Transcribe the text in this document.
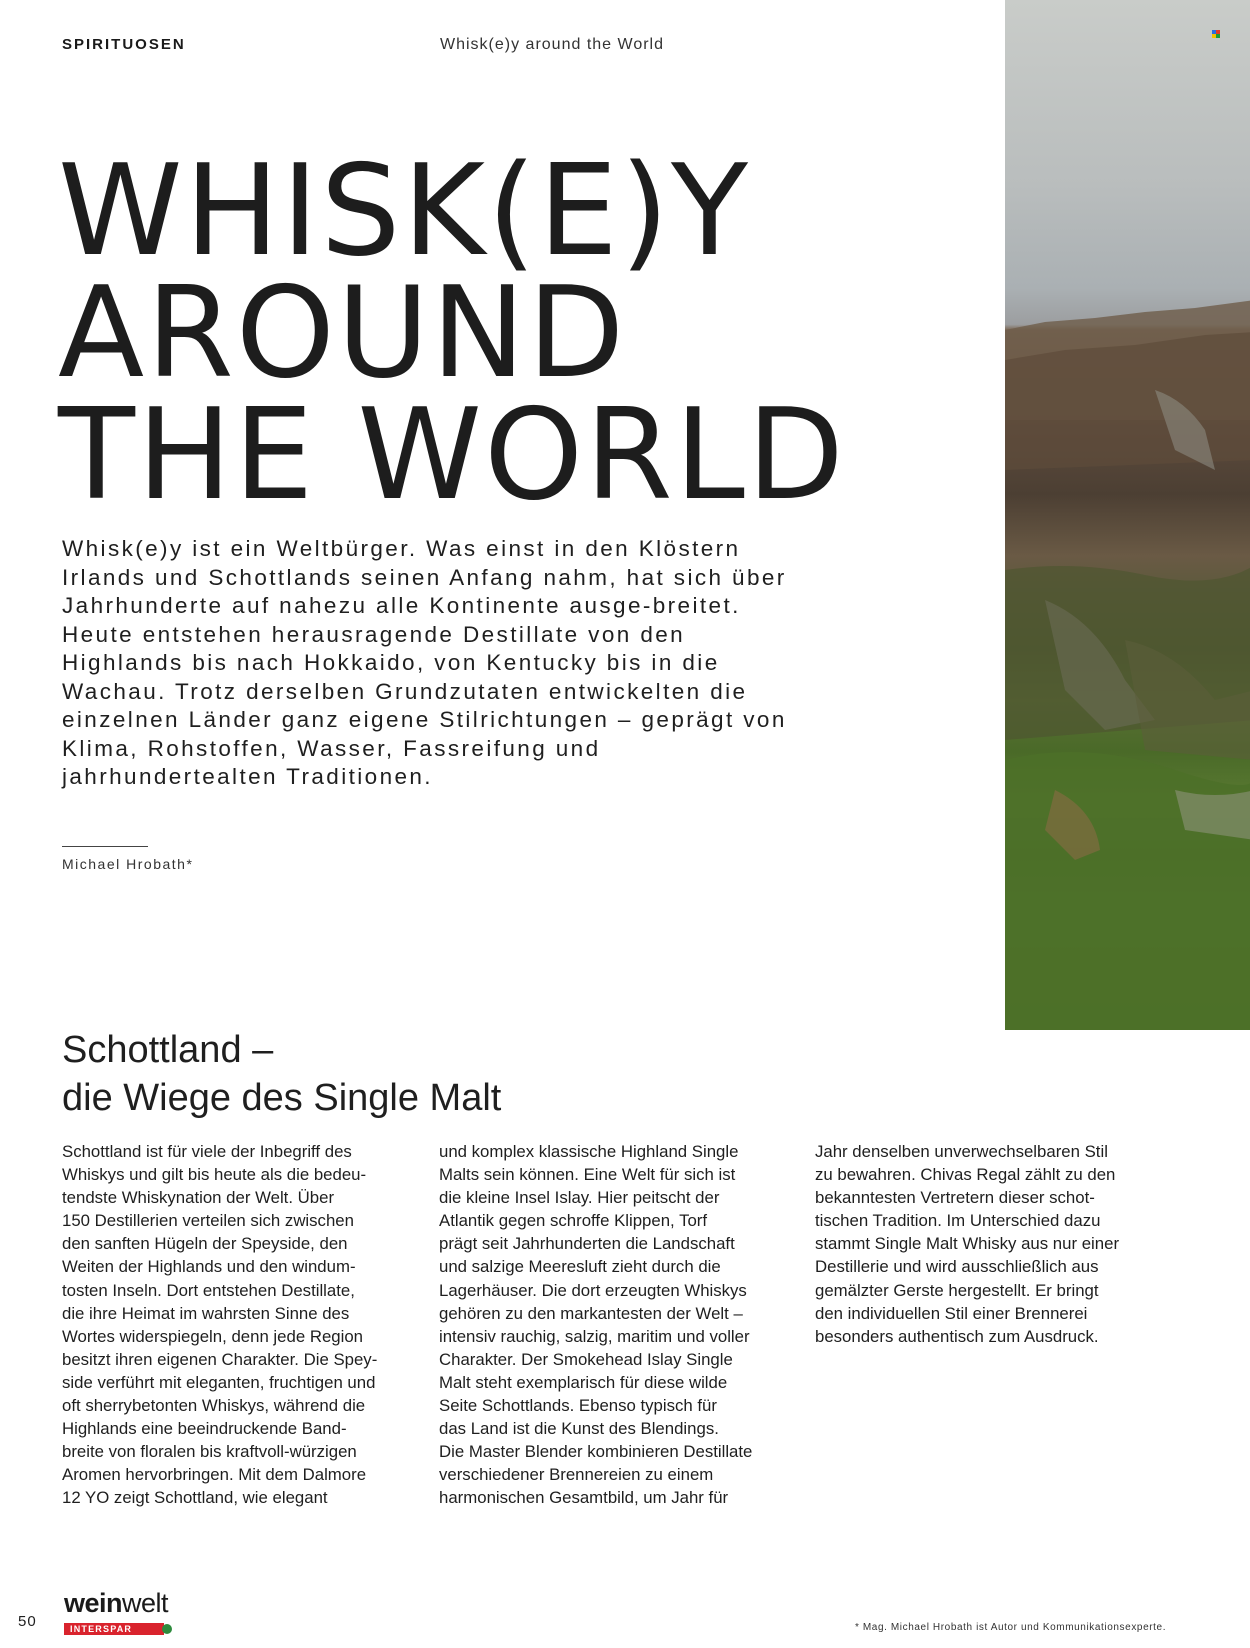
SPIRITUOSEN	Whisk(e)y around the World
WHISK(E)Y
AROUND
THE WORLD

Whisk(e)y ist ein Weltbürger. Was einst in den Klöstern Irlands und Schottlands seinen Anfang nahm, hat sich über Jahrhunderte auf nahezu alle Kontinente ausge-breitet. Heute entstehen herausragende Destillate von den Highlands bis nach Hokkaido, von Kentucky bis in die Wachau. Trotz derselben Grundzutaten entwickelten die einzelnen Länder ganz eigene Stilrichtungen – geprägt von Klima, Rohstoffen, Wasser, Fassreifung und jahrhundertealten Traditionen.

Michael Hrobath*
Schottland –
die Wiege des Single Malt
Schottland ist für viele der Inbegriff des
Whiskys und gilt bis heute als die bedeu-
tendste Whiskynation der Welt. Über
150 Destillerien verteilen sich zwischen
den sanften Hügeln der Speyside, den
Weiten der Highlands und den windum-
tosten Inseln. Dort entstehen Destillate,
die ihre Heimat im wahrsten Sinne des
Wortes widerspiegeln, denn jede Region
besitzt ihren eigenen Charakter. Die Spey-
side verführt mit eleganten, fruchtigen und
oft sherrybetonten Whiskys, während die
Highlands eine beeindruckende Band-
breite von floralen bis kraftvoll-würzigen
Aromen hervorbringen. Mit dem Dalmore
12 YO zeigt Schottland, wie elegant
und komplex klassische Highland Single
Malts sein können. Eine Welt für sich ist
die kleine Insel Islay. Hier peitscht der
Atlantik gegen schroffe Klippen, Torf
prägt seit Jahrhunderten die Landschaft
und salzige Meeresluft zieht durch die
Lagerhäuser. Die dort erzeugten Whiskys
gehören zu den markantesten der Welt –
intensiv rauchig, salzig, maritim und voller
Charakter. Der Smokehead Islay Single
Malt steht exemplarisch für diese wilde
Seite Schottlands. Ebenso typisch für
das Land ist die Kunst des Blendings.
Die Master Blender kombinieren Destillate
verschiedener Brennereien zu einem
harmonischen Gesamtbild, um Jahr für
Jahr denselben unverwechselbaren Stil
zu bewahren. Chivas Regal zählt zu den
bekanntesten Vertretern dieser schot-
tischen Tradition. Im Unterschied dazu
stammt Single Malt Whisky aus nur einer
Destillerie und wird ausschließlich aus
gemälzter Gerste hergestellt. Er bringt
den individuellen Stil einer Brennerei
besonders authentisch zum Ausdruck.
50
weinwelt
INTERSPAR	* Mag. Michael Hrobath ist Autor und Kommunikationsexperte.
